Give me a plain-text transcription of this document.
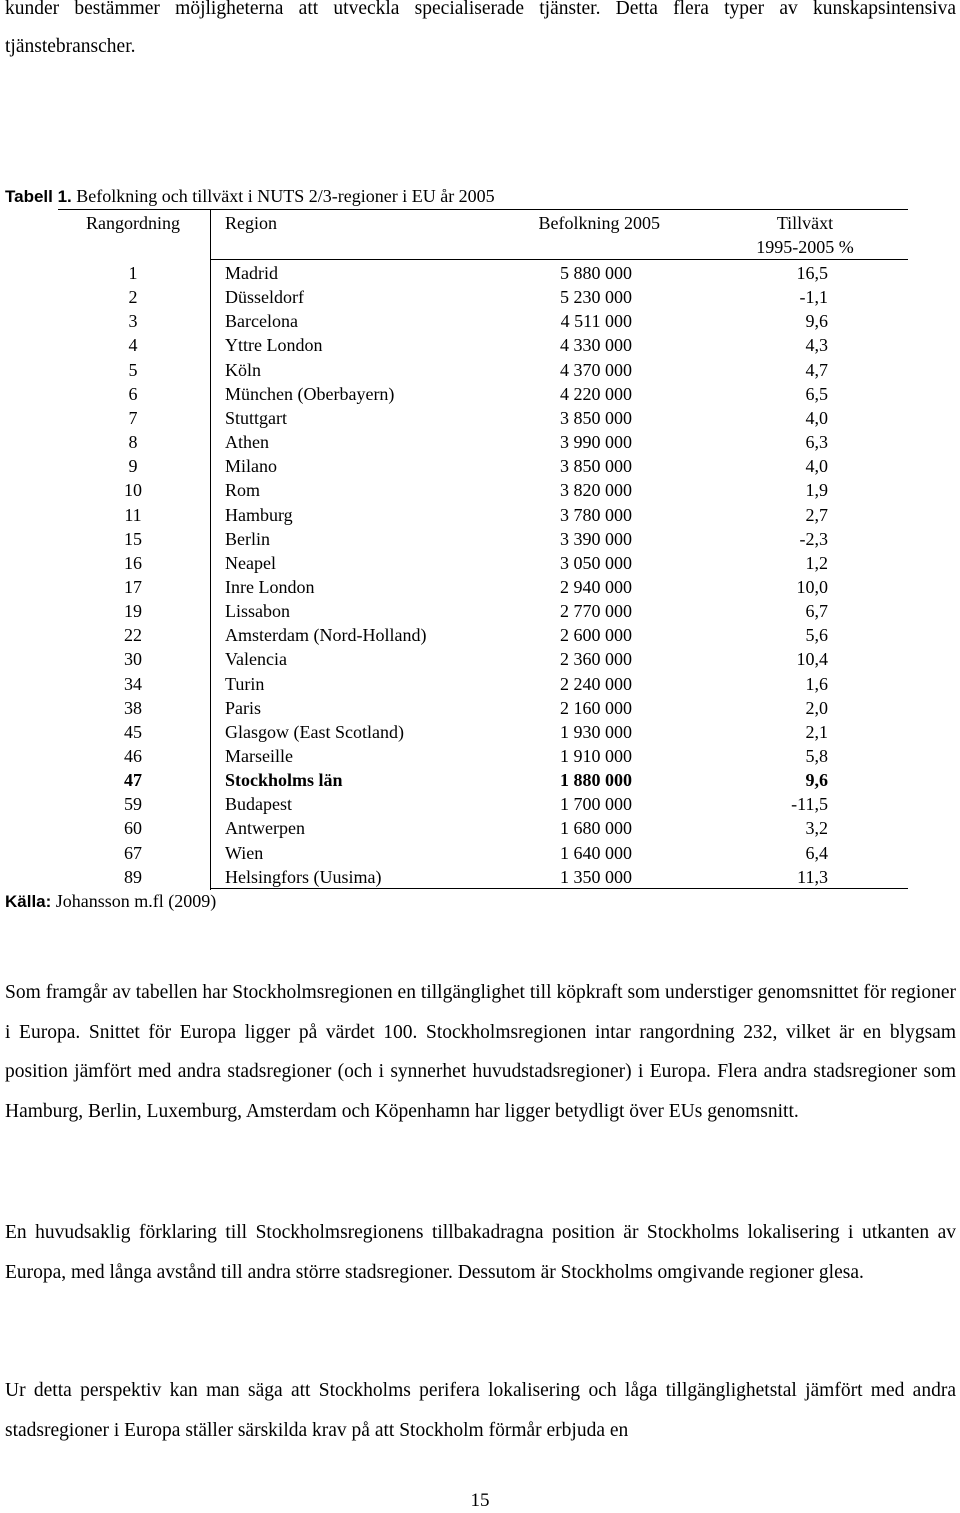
kunder bestämmer möjligheterna att utveckla specialiserade tjänster. Detta flera typer av kunskapsintensiva tjänstebranscher.

Tabell 1. Befolkning och tillväxt i NUTS 2/3-regioner i EU år 2005
Rangordning	Region	Befolkning 2005	Tillväxt
1995-2005 %
1	Madrid	5 880 000	16,5
2	Düsseldorf	5 230 000	-1,1
3	Barcelona	4 511 000	9,6
4	Yttre London	4 330 000	4,3
5	Köln	4 370 000	4,7
6	München (Oberbayern)	4 220 000	6,5
7	Stuttgart	3 850 000	4,0
8	Athen	3 990 000	6,3
9	Milano	3 850 000	4,0
10	Rom	3 820 000	1,9
11	Hamburg	3 780 000	2,7
15	Berlin	3 390 000	-2,3
16	Neapel	3 050 000	1,2
17	Inre London	2 940 000	10,0
19	Lissabon	2 770 000	6,7
22	Amsterdam (Nord-Holland)	2 600 000	5,6
30	Valencia	2 360 000	10,4
34	Turin	2 240 000	1,6
38	Paris	2 160 000	2,0
45	Glasgow (East Scotland)	1 930 000	2,1
46	Marseille	1 910 000	5,8
47	Stockholms län	1 880 000	9,6
59	Budapest	1 700 000	-11,5
60	Antwerpen	1 680 000	3,2
67	Wien	1 640 000	6,4
89	Helsingfors (Uusima)	1 350 000	11,3
Källa: Johansson m.fl (2009)

Som framgår av tabellen har Stockholmsregionen en tillgänglighet till köpkraft som understiger genomsnittet för regioner i Europa. Snittet för Europa ligger på värdet 100. Stockholmsregionen intar rangordning 232, vilket är en blygsam position jämfört med andra stadsregioner (och i synnerhet huvudstadsregioner) i Europa. Flera andra stadsregioner som Hamburg, Berlin, Luxemburg, Amsterdam och Köpenhamn har ligger betydligt över EUs genomsnitt.

En huvudsaklig förklaring till Stockholmsregionens tillbakadragna position är Stockholms lokalisering i utkanten av Europa, med långa avstånd till andra större stadsregioner. Dessutom är Stockholms omgivande regioner glesa.

Ur detta perspektiv kan man säga att Stockholms perifera lokalisering och låga tillgänglighetstal jämfört med andra stadsregioner i Europa ställer särskilda krav på att Stockholm förmår erbjuda en

15
